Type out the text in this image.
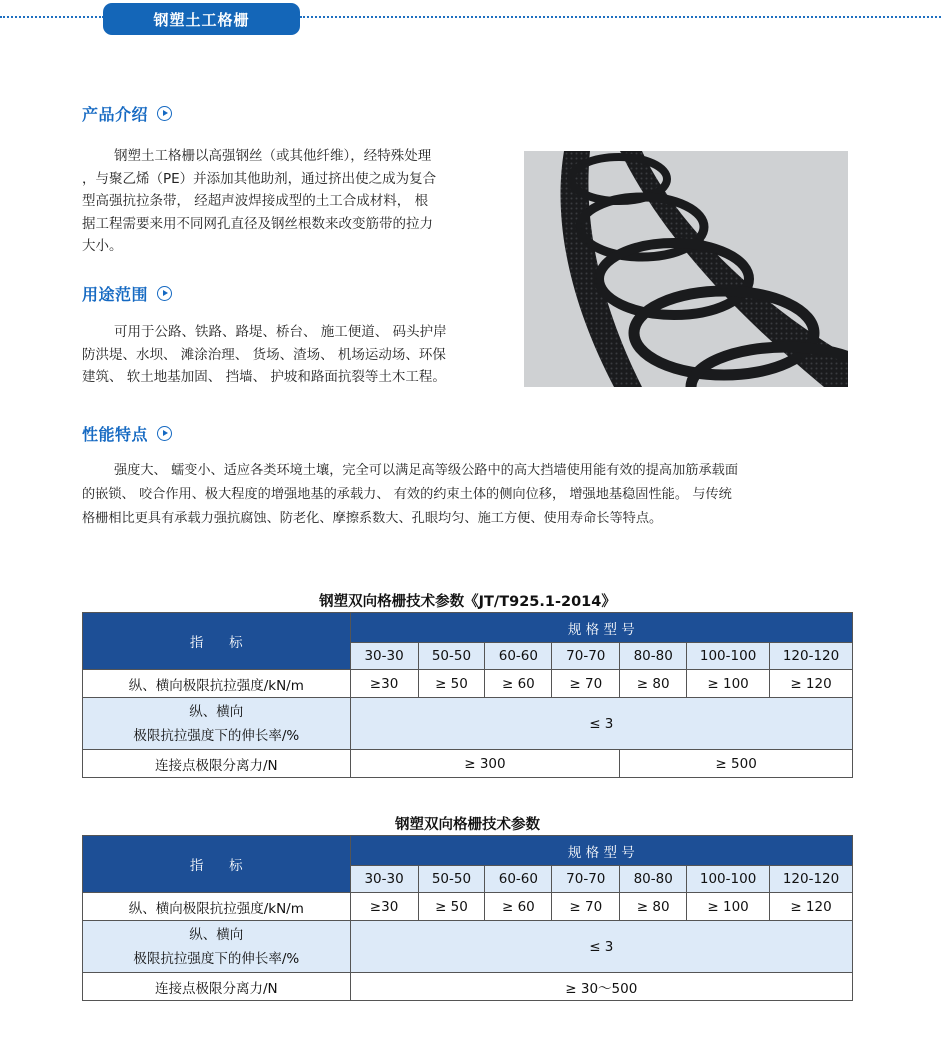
钢塑土工格栅
产品介绍
钢塑土工格栅以高强钢丝（或其他纤维），经特殊处理
，与聚乙烯（PE）并添加其他助剂，通过挤出使之成为复合
型高强抗拉条带， 经超声波焊接成型的土工合成材料， 根
据工程需要来用不同网孔直径及钢丝根数来改变筋带的拉力
大小。
用途范围
可用于公路、铁路、路堤、桥台、 施工便道、 码头护岸
防洪堤、水坝、 滩涂治理、 货场、渣场、 机场运动场、环保
建筑、 软土地基加固、 挡墙、 护坡和路面抗裂等土木工程。
性能特点
强度大、 蠕变小、适应各类环境土壤，完全可以满足高等级公路中的高大挡墙使用能有效的提高加筋承载面
的嵌锁、 咬合作用、极大程度的增强地基的承载力、 有效的约束土体的侧向位移， 增强地基稳固性能。 与传统
格栅相比更具有承载力强抗腐蚀、防老化、摩擦系数大、孔眼均匀、施工方便、使用寿命长等特点。
钢塑双向格栅技术参数《JT/T925.1-2014》
指      标	规 格 型 号						
	30-30	50-50	60-60	70-70	80-80	100-100	120-120
纵、横向极限抗拉强度/kN/m	≥30	≥ 50	≥ 60	≥ 70	≥ 80	≥ 100	≥ 120

纵、横向
极限抗拉强度下的伸长率/%	≤ 3						
连接点极限分离力/N	≥ 300				≥ 500		
钢塑双向格栅技术参数
指      标	规 格 型 号						
	30-30	50-50	60-60	70-70	80-80	100-100	120-120
纵、横向极限抗拉强度/kN/m	≥30	≥ 50	≥ 60	≥ 70	≥ 80	≥ 100	≥ 120

纵、横向
极限抗拉强度下的伸长率/%	≤ 3						
连接点极限分离力/N	≥ 30～500						
